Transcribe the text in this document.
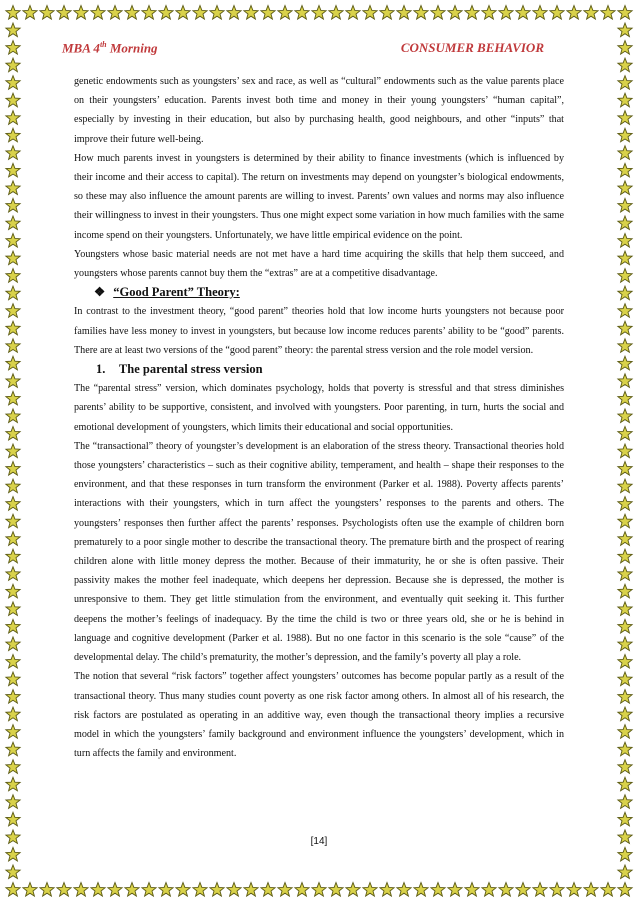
MBA 4th Morning	CONSUMER BEHAVIOR

genetic endowments such as youngsters’ sex and race, as well as “cultural” endowments such as the value parents place on their youngsters’ education. Parents invest both time and money in their young youngsters’ “human capital”, especially by investing in their education, but also by purchasing health, good neighbours, and other “inputs” that improve their future well-being.

How much parents invest in youngsters is determined by their ability to finance investments (which is influenced by their income and their access to capital). The return on investments may depend on youngster’s biological endowments, so these may also influence the amount parents are willing to invest. Parents’ own values and norms may also influence their willingness to invest in their youngsters. Thus one might expect some variation in how much families with the same income spend on their youngsters. Unfortunately, we have little empirical evidence on the point.

Youngsters whose basic material needs are not met have a hard time acquiring the skills that help them succeed, and youngsters whose parents cannot buy them the “extras” are at a competitive disadvantage.

❖ “Good Parent” Theory:

In contrast to the investment theory, “good parent” theories hold that low income hurts youngsters not because poor families have less money to invest in youngsters, but because low income reduces parents’ ability to be “good” parents. There are at least two versions of the “good parent” theory: the parental stress version and the role model version.

1. The parental stress version

The “parental stress” version, which dominates psychology, holds that poverty is stressful and that stress diminishes parents’ ability to be supportive, consistent, and involved with youngsters. Poor parenting, in turn, hurts the social and emotional development of youngsters, which limits their educational and social opportunities.

The “transactional” theory of youngster’s development is an elaboration of the stress theory. Transactional theories hold those youngsters’ characteristics – such as their cognitive ability, temperament, and health – shape their responses to the environment, and that these responses in turn transform the environment (Parker et al. 1988). Poverty affects parents’ interactions with their youngsters, which in turn affect the youngsters’ responses to the parents and others. The youngsters’ responses then further affect the parents’ responses. Psychologists often use the example of children born prematurely to a poor single mother to describe the transactional theory. The premature birth and the prospect of rearing children alone with little money depress the mother. Because of their immaturity, he or she is often passive. Their passivity makes the mother feel inadequate, which deepens her depression. Because she is depressed, the mother is unresponsive to them. They get little stimulation from the environment, and eventually quit seeking it. This further deepens the mother’s feelings of inadequacy. By the time the child is two or three years old, she or he is behind in language and cognitive development (Parker et al. 1988). But no one factor in this scenario is the sole “cause” of the developmental delay. The child’s prematurity, the mother’s depression, and the family’s poverty all play a role.

The notion that several “risk factors” together affect youngsters’ outcomes has become popular partly as a result of the transactional theory. Thus many studies count poverty as one risk factor among others. In almost all of his research, the risk factors are postulated as operating in an additive way, even though the transactional theory implies a recursive model in which the youngsters’ family background and environment influence the youngsters’ development, which in turn affects the family and environment.

[14]
